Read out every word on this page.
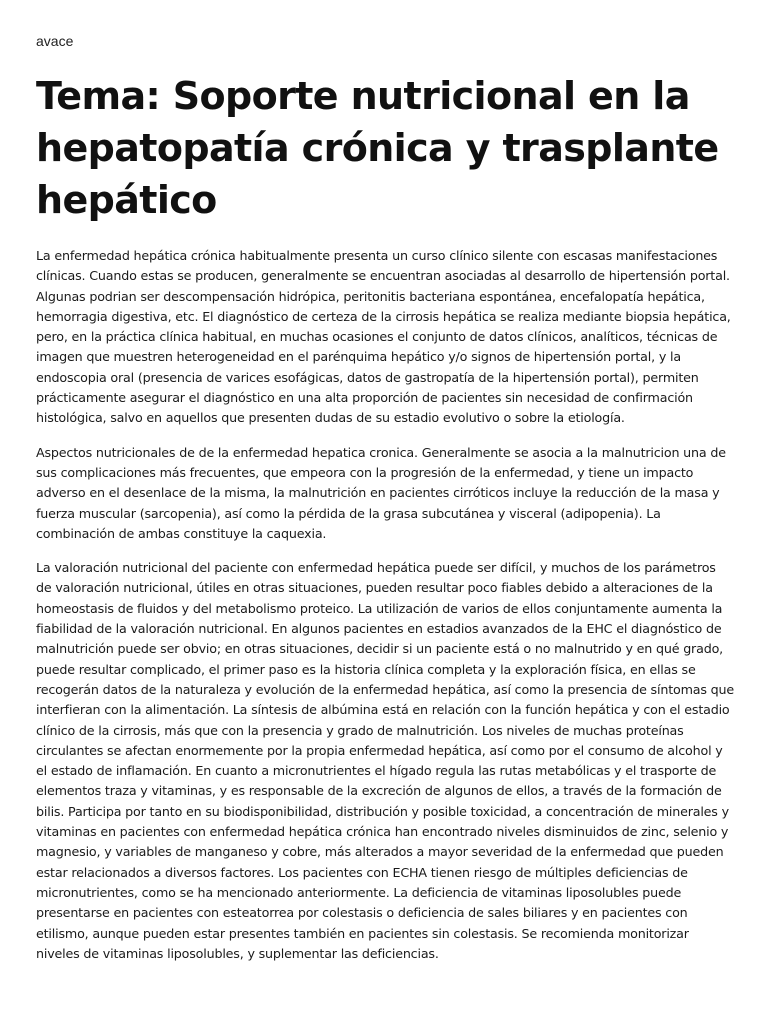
avace
Tema: Soporte nutricional en la hepatopatía crónica y trasplante hepático

La enfermedad hepática crónica habitualmente presenta un curso clínico silente con escasas manifestaciones clínicas. Cuando estas se producen, generalmente se encuentran asociadas al desarrollo de hipertensión portal. Algunas podrian ser descompensación hidrópica, peritonitis bacteriana espontánea, encefalopatía hepática, hemorragia digestiva, etc. El diagnóstico de certeza de la cirrosis hepática se realiza mediante biopsia hepática, pero, en la práctica clínica habitual, en muchas ocasiones el conjunto de datos clínicos, analíticos, técnicas de imagen que muestren heterogeneidad en el parénquima hepático y/o signos de hipertensión portal, y la endoscopia oral (presencia de varices esofágicas, datos de gastropatía de la hipertensión portal), permiten prácticamente asegurar el diagnóstico en una alta proporción de pacientes sin necesidad de confirmación histológica, salvo en aquellos que presenten dudas de su estadio evolutivo o sobre la etiología.

Aspectos nutricionales de de la enfermedad hepatica cronica. Generalmente se asocia a la malnutricion una de sus complicaciones más frecuentes, que empeora con la progresión de la enfermedad, y tiene un impacto adverso en el desenlace de la misma, la malnutrición en pacientes cirróticos incluye la reducción de la masa y fuerza muscular (sarcopenia), así como la pérdida de la grasa subcutánea y visceral (adipopenia). La combinación de ambas constituye la caquexia.

La valoración nutricional del paciente con enfermedad hepática puede ser difícil, y muchos de los parámetros de valoración nutricional, útiles en otras situaciones, pueden resultar poco fiables debido a alteraciones de la homeostasis de fluidos y del metabolismo proteico. La utilización de varios de ellos conjuntamente aumenta la fiabilidad de la valoración nutricional. En algunos pacientes en estadios avanzados de la EHC el diagnóstico de malnutrición puede ser obvio; en otras situaciones, decidir si un paciente está o no malnutrido y en qué grado, puede resultar complicado, el primer paso es la historia clínica completa y la exploración física, en ellas se recogerán datos de la naturaleza y evolución de la enfermedad hepática, así como la presencia de síntomas que interfieran con la alimentación. La síntesis de albúmina está en relación con la función hepática y con el estadio clínico de la cirrosis, más que con la presencia y grado de malnutrición. Los niveles de muchas proteínas circulantes se afectan enormemente por la propia enfermedad hepática, así como por el consumo de alcohol y el estado de inflamación. En cuanto a micronutrientes el hígado regula las rutas metabólicas y el trasporte de elementos traza y vitaminas, y es responsable de la excreción de algunos de ellos, a través de la formación de bilis. Participa por tanto en su biodisponibilidad, distribución y posible toxicidad, a concentración de minerales y vitaminas en pacientes con enfermedad hepática crónica han encontrado niveles disminuidos de zinc, selenio y magnesio, y variables de manganeso y cobre, más alterados a mayor severidad de la enfermedad que pueden estar relacionados a diversos factores. Los pacientes con ECHA tienen riesgo de múltiples deficiencias de micronutrientes, como se ha mencionado anteriormente. La deficiencia de vitaminas liposolubles puede presentarse en pacientes con esteatorrea por colestasis o deficiencia de sales biliares y en pacientes con etilismo, aunque pueden estar presentes también en pacientes sin colestasis. Se recomienda monitorizar niveles de vitaminas liposolubles, y suplementar las deficiencias.
